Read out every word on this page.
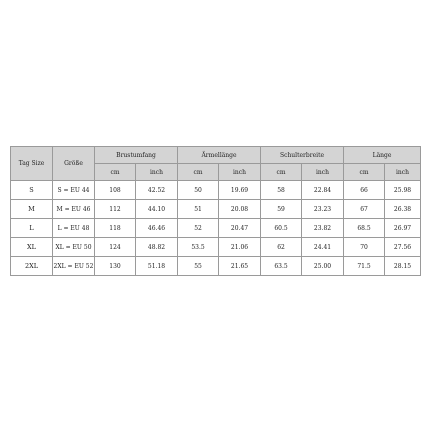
Tag Size	Größe	Brustumfang		Ärmellänge		Schulterbreite		Länge	
		cm	inch	cm	inch	cm	inch	cm	inch
S	S = EU 44	108	42.52	50	19.69	58	22.84	66	25.98
M	M = EU 46	112	44.10	51	20.08	59	23.23	67	26.38
L	L = EU 48	118	46.46	52	20.47	60.5	23.82	68.5	26.97
XL	XL = EU 50	124	48.82	53.5	21.06	62	24.41	70	27.56
2XL	2XL = EU 52	130	51.18	55	21.65	63.5	25.00	71.5	28.15
